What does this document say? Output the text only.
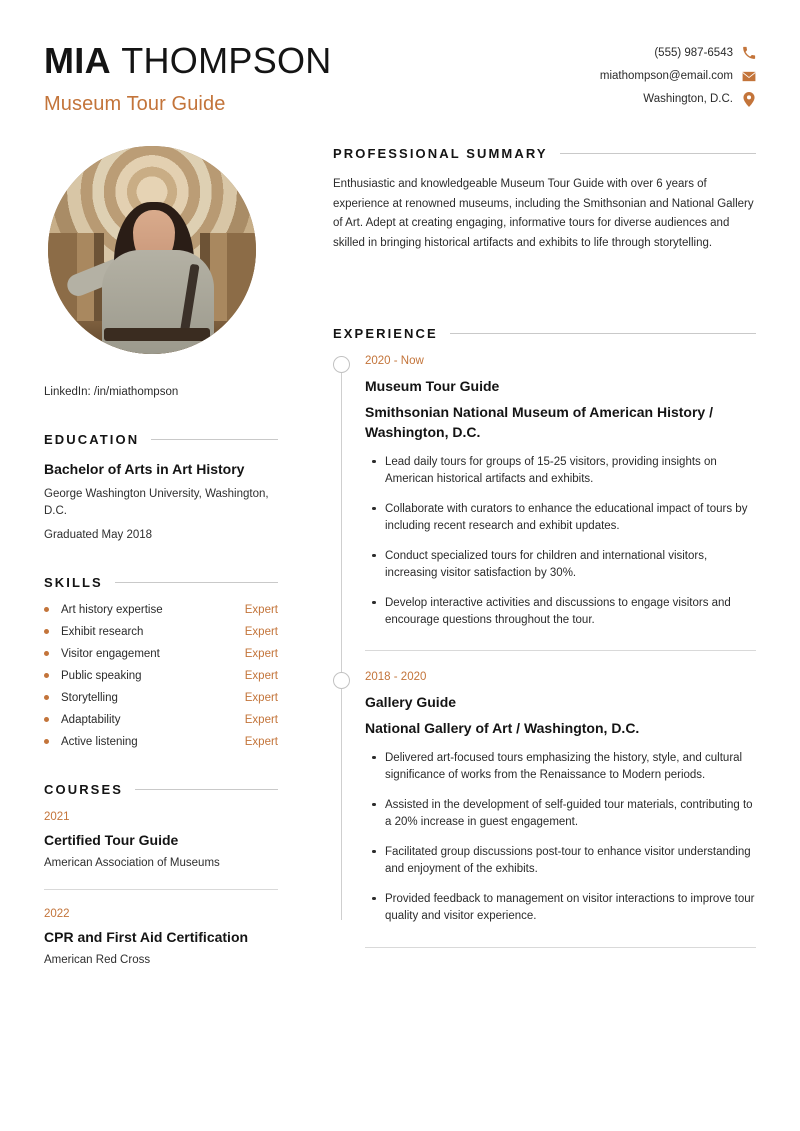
MIA THOMPSON
Museum Tour Guide
(555) 987-6543
miathompson@email.com
Washington, D.C.
LinkedIn: /in/miathompson
EDUCATION
Bachelor of Arts in Art History
George Washington University, Washington, D.C.
Graduated May 2018
SKILLS
Art history expertise	Expert
Exhibit research	Expert
Visitor engagement	Expert
Public speaking	Expert
Storytelling	Expert
Adaptability	Expert
Active listening	Expert
COURSES
2021
Certified Tour Guide
American Association of Museums
2022
CPR and First Aid Certification
American Red Cross
PROFESSIONAL SUMMARY
Enthusiastic and knowledgeable Museum Tour Guide with over 6 years of experience at renowned museums, including the Smithsonian and National Gallery of Art. Adept at creating engaging, informative tours for diverse audiences and skilled in bringing historical artifacts and exhibits to life through storytelling.
EXPERIENCE
2020 - Now
Museum Tour Guide
Smithsonian National Museum of American History / Washington, D.C.
Lead daily tours for groups of 15-25 visitors, providing insights on American historical artifacts and exhibits.
Collaborate with curators to enhance the educational impact of tours by including recent research and exhibit updates.
Conduct specialized tours for children and international visitors, increasing visitor satisfaction by 30%.
Develop interactive activities and discussions to engage visitors and encourage questions throughout the tour.
2018 - 2020
Gallery Guide
National Gallery of Art / Washington, D.C.
Delivered art-focused tours emphasizing the history, style, and cultural significance of works from the Renaissance to Modern periods.
Assisted in the development of self-guided tour materials, contributing to a 20% increase in guest engagement.
Facilitated group discussions post-tour to enhance visitor understanding and enjoyment of the exhibits.
Provided feedback to management on visitor interactions to improve tour quality and visitor experience.
